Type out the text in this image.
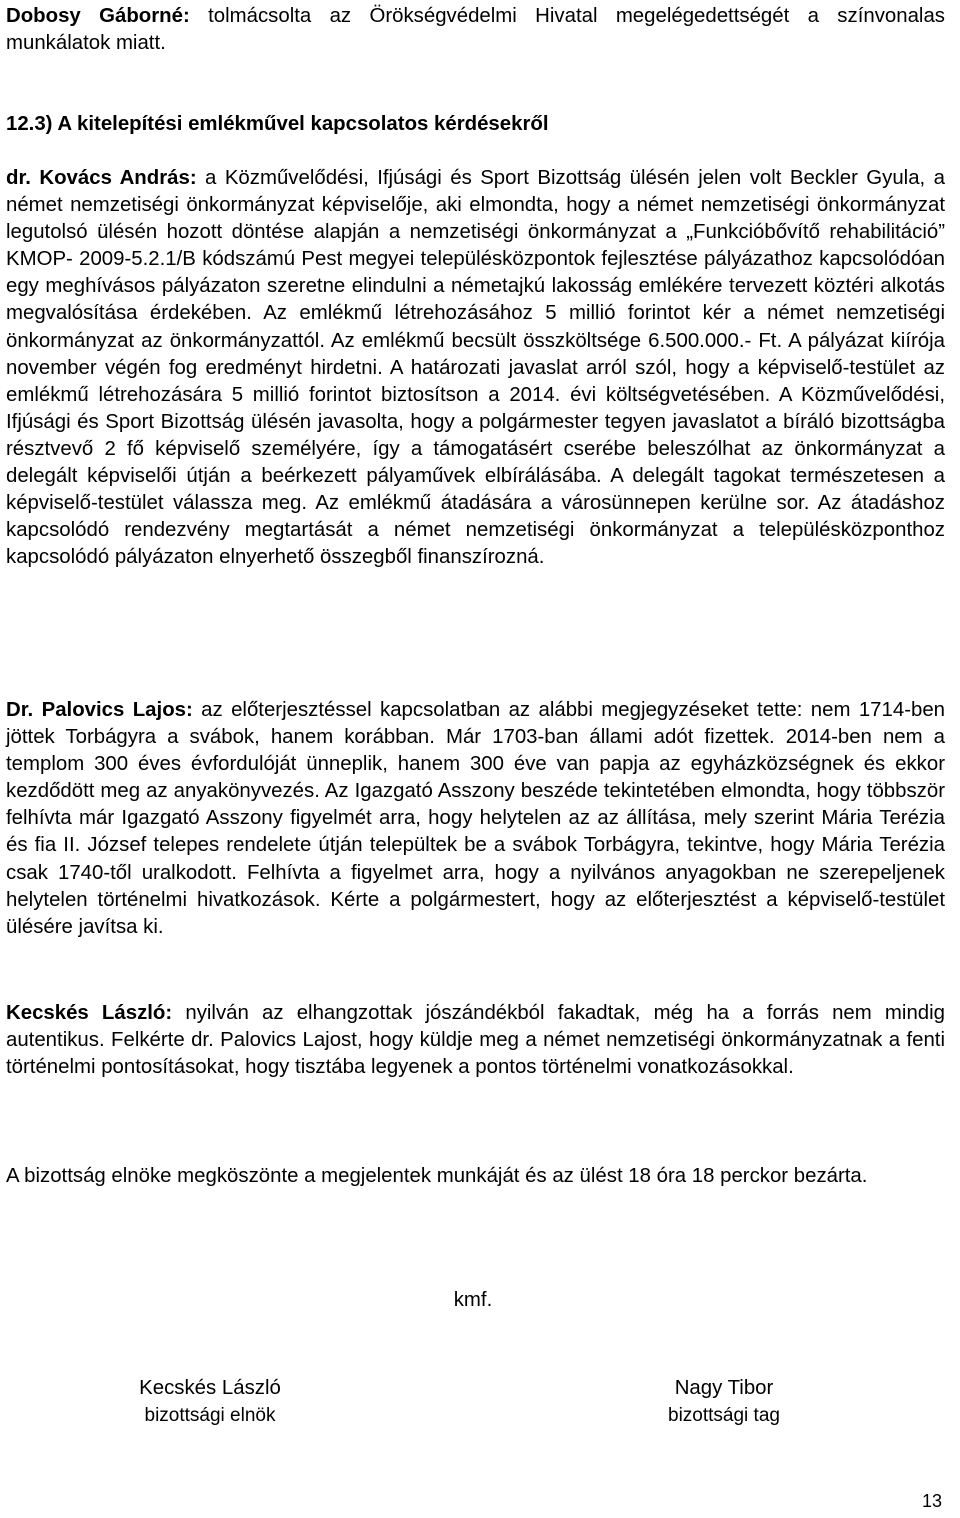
Dobosy Gáborné: tolmácsolta az Örökségvédelmi Hivatal megelégedettségét a színvonalas munkálatok miatt.

12.3) A kitelepítési emlékművel kapcsolatos kérdésekről

dr. Kovács András: a Közművelődési, Ifjúsági és Sport Bizottság ülésén jelen volt Beckler Gyula, a német nemzetiségi önkormányzat képviselője, aki elmondta, hogy a német nemzetiségi önkormányzat legutolsó ülésén hozott döntése alapján a nemzetiségi önkormányzat a „Funkcióbővítő rehabilitáció” KMOP- 2009-5.2.1/B kódszámú Pest megyei településközpontok fejlesztése pályázathoz kapcsolódóan egy meghívásos pályázaton szeretne elindulni a németajkú lakosság emlékére tervezett köztéri alkotás megvalósítása érdekében. Az emlékmű létrehozásához 5 millió forintot kér a német nemzetiségi önkormányzat az önkormányzattól. Az emlékmű becsült összköltsége 6.500.000.- Ft. A pályázat kiírója november végén fog eredményt hirdetni. A határozati javaslat arról szól, hogy a képviselő-testület az emlékmű létrehozására 5 millió forintot biztosítson a 2014. évi költségvetésében. A Közművelődési, Ifjúsági és Sport Bizottság ülésén javasolta, hogy a polgármester tegyen javaslatot a bíráló bizottságba résztvevő 2 fő képviselő személyére, így a támogatásért cserébe beleszólhat az önkormányzat a delegált képviselői útján a beérkezett pályaművek elbírálásába. A delegált tagokat természetesen a képviselő-testület válassza meg. Az emlékmű átadására a városünnepen kerülne sor. Az átadáshoz kapcsolódó rendezvény megtartását a német nemzetiségi önkormányzat a településközponthoz kapcsolódó pályázaton elnyerhető összegből finanszírozná.

Dr. Palovics Lajos: az előterjesztéssel kapcsolatban az alábbi megjegyzéseket tette: nem 1714-ben jöttek Torbágyra a svábok, hanem korábban. Már 1703-ban állami adót fizettek. 2014-ben nem a templom 300 éves évfordulóját ünneplik, hanem 300 éve van papja az egyházközségnek és ekkor kezdődött meg az anyakönyvezés. Az Igazgató Asszony beszéde tekintetében elmondta, hogy többször felhívta már Igazgató Asszony figyelmét arra, hogy helytelen az az állítása, mely szerint Mária Terézia és fia II. József telepes rendelete útján települtek be a svábok Torbágyra, tekintve, hogy Mária Terézia csak 1740-től uralkodott. Felhívta a figyelmet arra, hogy a nyilvános anyagokban ne szerepeljenek helytelen történelmi hivatkozások. Kérte a polgármestert, hogy az előterjesztést a képviselő-testület ülésére javítsa ki.

Kecskés László: nyilván az elhangzottak jószándékból fakadtak, még ha a forrás nem mindig autentikus. Felkérte dr. Palovics Lajost, hogy küldje meg a német nemzetiségi önkormányzatnak a fenti történelmi pontosításokat, hogy tisztába legyenek a pontos történelmi vonatkozásokkal.

A bizottság elnöke megköszönte a megjelentek munkáját és az ülést 18 óra 18 perckor bezárta.

kmf.
Kecskés László
bizottsági elnök
Nagy Tibor
bizottsági tag
13
